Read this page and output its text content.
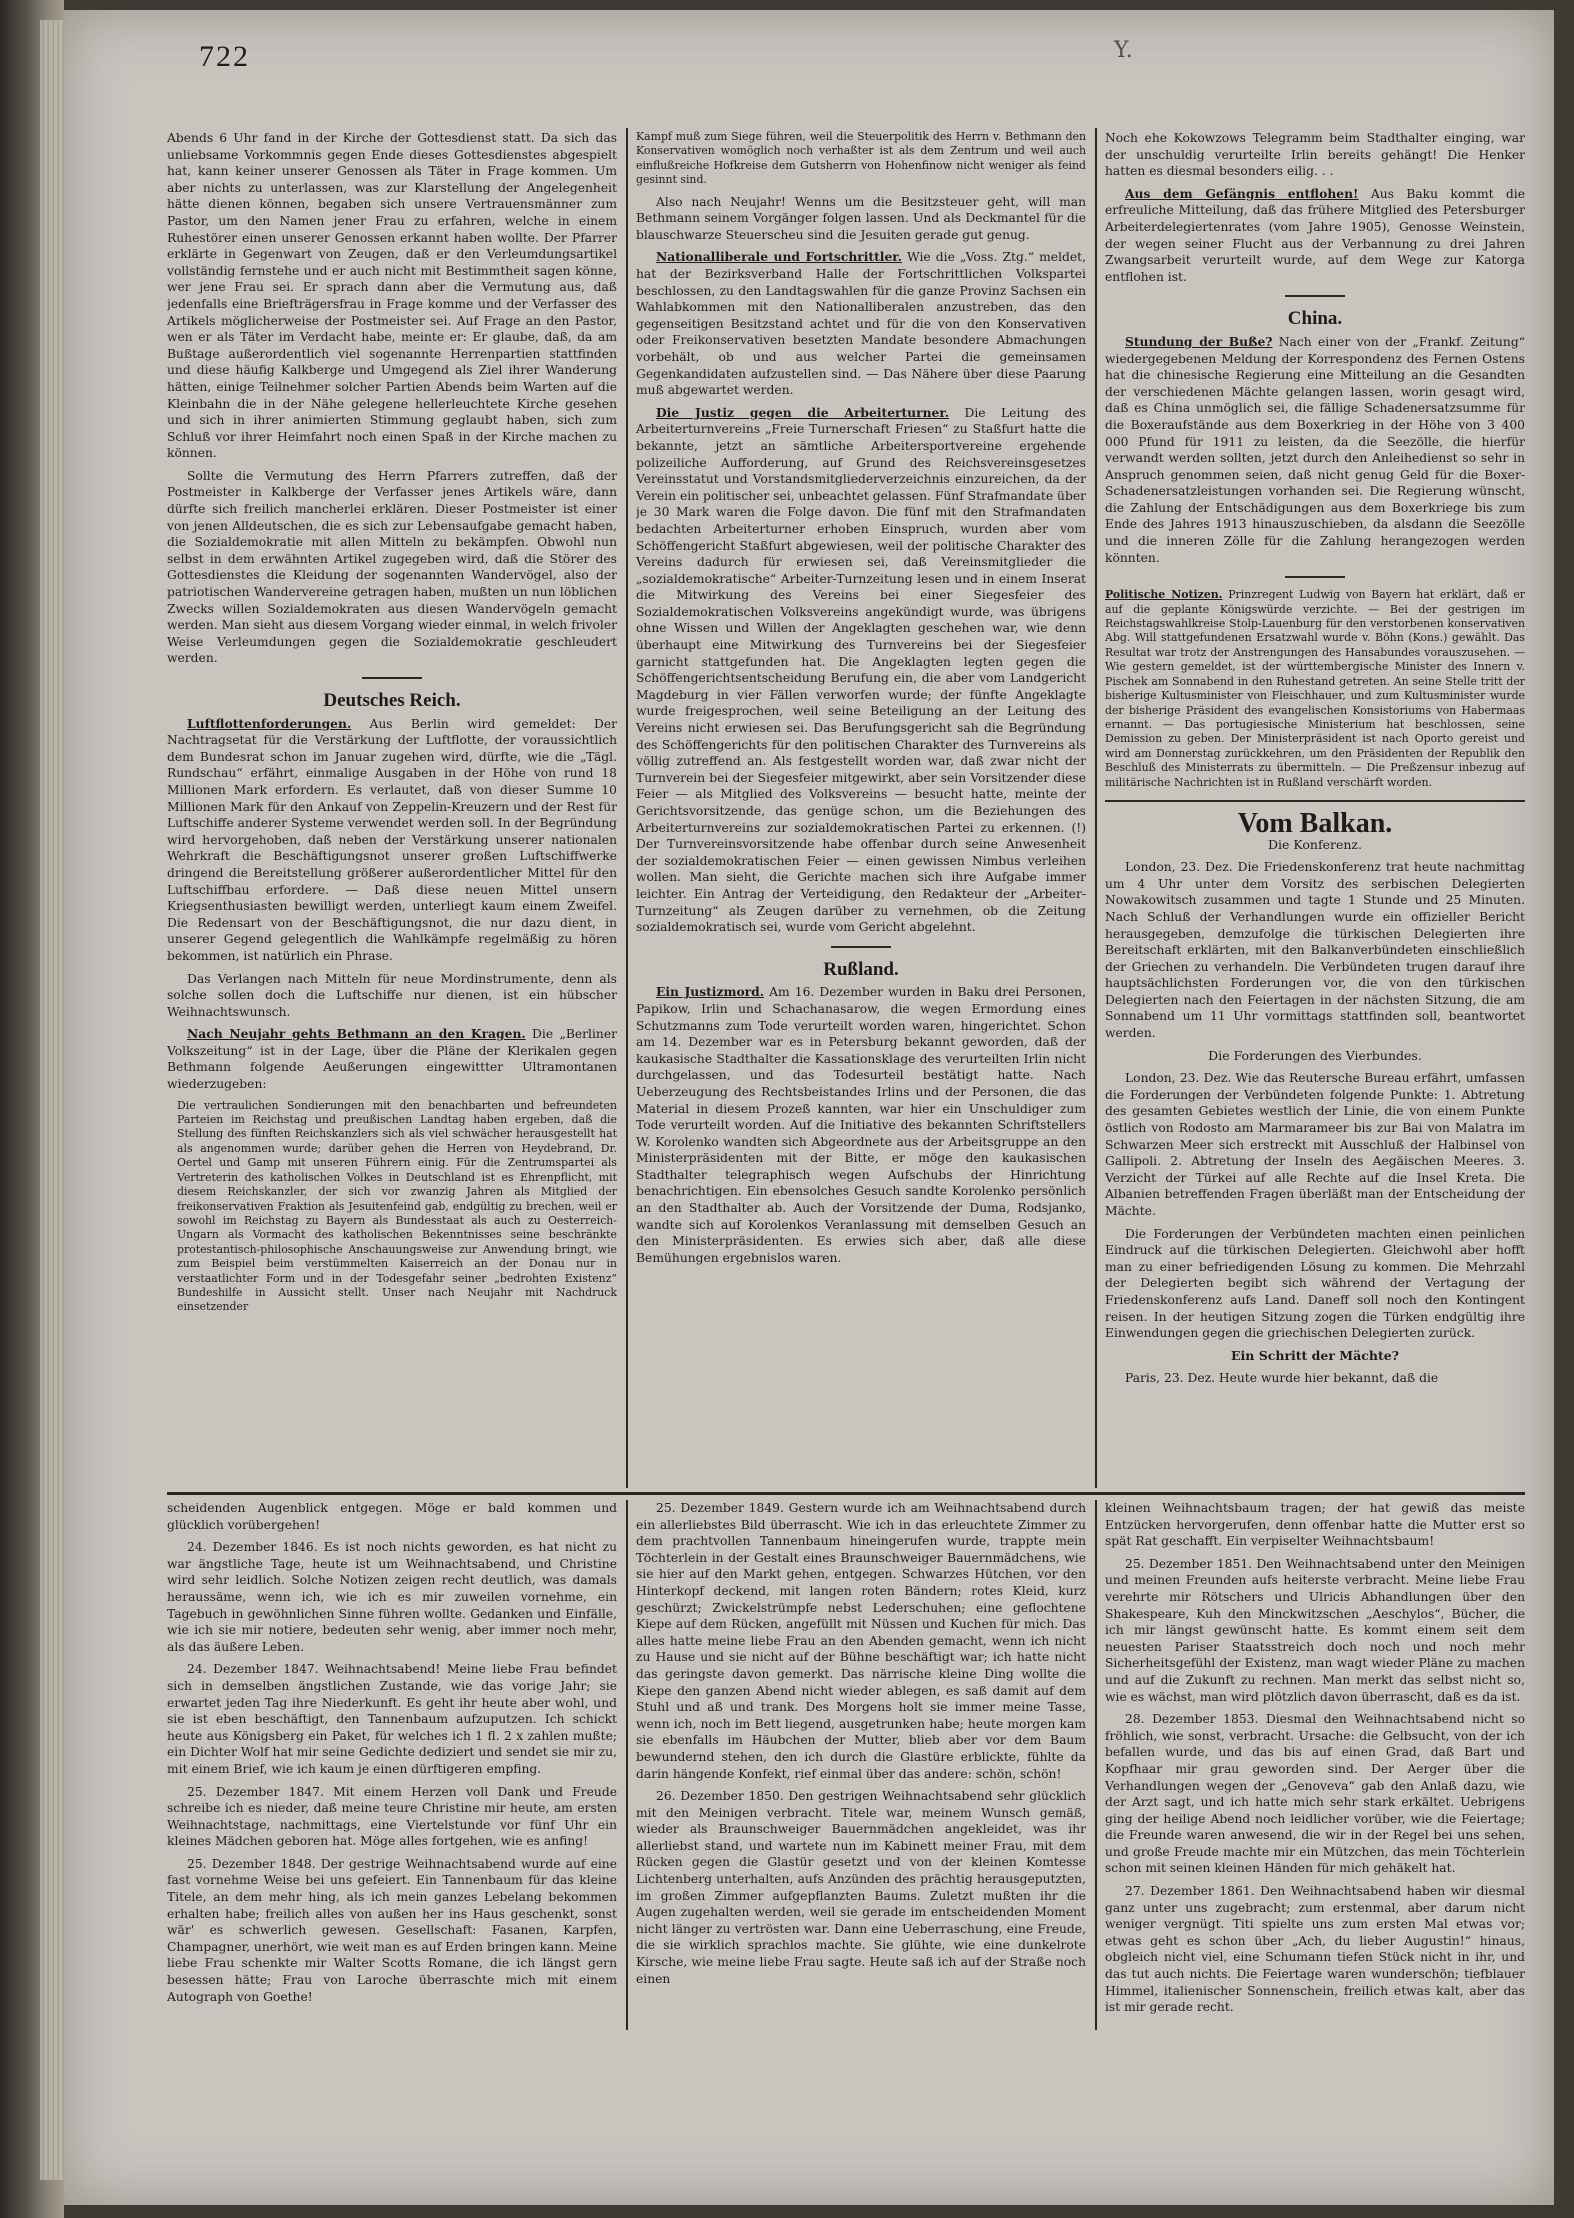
722	Y.

Abends 6 Uhr fand in der Kirche der Gottesdienst statt. Da sich das unliebsame Vorkommnis gegen Ende dieses Gottesdienstes abgespielt hat, kann keiner unserer Genossen als Täter in Frage kommen. Um aber nichts zu unterlassen, was zur Klarstellung der Angelegenheit hätte dienen können, begaben sich unsere Vertrauensmänner zum Pastor, um den Namen jener Frau zu erfahren, welche in einem Ruhestörer einen unserer Genossen erkannt haben wollte. Der Pfarrer erklärte in Gegenwart von Zeugen, daß er den Verleumdungsartikel vollständig fernstehe und er auch nicht mit Bestimmtheit sagen könne, wer jene Frau sei. Er sprach dann aber die Vermutung aus, daß jedenfalls eine Briefträgersfrau in Frage komme und der Verfasser des Artikels möglicherweise der Postmeister sei. Auf Frage an den Pastor, wen er als Täter im Verdacht habe, meinte er: Er glaube, daß, da am Bußtage außerordentlich viel sogenannte Herrenpartien stattfinden und diese häufig Kalkberge und Umgegend als Ziel ihrer Wanderung hätten, einige Teilnehmer solcher Partien Abends beim Warten auf die Kleinbahn die in der Nähe gelegene hellerleuchtete Kirche gesehen und sich in ihrer animierten Stimmung geglaubt haben, sich zum Schluß vor ihrer Heimfahrt noch einen Spaß in der Kirche machen zu können.

Sollte die Vermutung des Herrn Pfarrers zutreffen, daß der Postmeister in Kalkberge der Verfasser jenes Artikels wäre, dann dürfte sich freilich mancherlei erklären. Dieser Postmeister ist einer von jenen Alldeutschen, die es sich zur Lebensaufgabe gemacht haben, die Sozialdemokratie mit allen Mitteln zu bekämpfen. Obwohl nun selbst in dem erwähnten Artikel zugegeben wird, daß die Störer des Gottesdienstes die Kleidung der sogenannten Wandervögel, also der patriotischen Wandervereine getragen haben, mußten un nun löblichen Zwecks willen Sozialdemokraten aus diesen Wandervögeln gemacht werden. Man sieht aus diesem Vorgang wieder einmal, in welch frivoler Weise Verleumdungen gegen die Sozialdemokratie geschleudert werden.

Deutsches Reich.

Luftflottenforderungen. Aus Berlin wird gemeldet: Der Nachtragsetat für die Verstärkung der Luftflotte, der voraussichtlich dem Bundesrat schon im Januar zugehen wird, dürfte, wie die „Tägl. Rundschau“ erfährt, einmalige Ausgaben in der Höhe von rund 18 Millionen Mark erfordern. Es verlautet, daß von dieser Summe 10 Millionen Mark für den Ankauf von Zeppelin-Kreuzern und der Rest für Luftschiffe anderer Systeme verwendet werden soll. In der Begründung wird hervorgehoben, daß neben der Verstärkung unserer nationalen Wehrkraft die Beschäftigungsnot unserer großen Luftschiffwerke dringend die Bereitstellung größerer außerordentlicher Mittel für den Luftschiffbau erfordere. — Daß diese neuen Mittel unsern Kriegsenthusiasten bewilligt werden, unterliegt kaum einem Zweifel. Die Redensart von der Beschäftigungsnot, die nur dazu dient, in unserer Gegend gelegentlich die Wahlkämpfe regelmäßig zu hören bekommen, ist natürlich ein Phrase.

Das Verlangen nach Mitteln für neue Mordinstrumente, denn als solche sollen doch die Luftschiffe nur dienen, ist ein hübscher Weihnachtswunsch.

Nach Neujahr gehts Bethmann an den Kragen. Die „Berliner Volkszeitung“ ist in der Lage, über die Pläne der Klerikalen gegen Bethmann folgende Aeußerungen eingewittter Ultramontanen wiederzugeben:

Die vertraulichen Sondierungen mit den benachbarten und befreundeten Parteien im Reichstag und preußischen Landtag haben ergeben, daß die Stellung des fünften Reichskanzlers sich als viel schwächer herausgestellt hat als angenommen wurde; darüber gehen die Herren von Heydebrand, Dr. Oertel und Gamp mit unseren Führern einig. Für die Zentrumspartei als Vertreterin des katholischen Volkes in Deutschland ist es Ehrenpflicht, mit diesem Reichskanzler, der sich vor zwanzig Jahren als Mitglied der freikonservativen Fraktion als Jesuitenfeind gab, endgültig zu brechen, weil er sowohl im Reichstag zu Bayern als Bundesstaat als auch zu Oesterreich-Ungarn als Vormacht des katholischen Bekenntnisses seine beschränkte protestantisch-philosophische Anschauungsweise zur Anwendung bringt, wie zum Beispiel beim verstümmelten Kaiserreich an der Donau nur in verstaatlichter Form und in der Todesgefahr seiner „bedrohten Existenz“ Bundeshilfe in Aussicht stellt. Unser nach Neujahr mit Nachdruck einsetzender

Kampf muß zum Siege führen, weil die Steuerpolitik des Herrn v. Bethmann den Konservativen womöglich noch verhaßter ist als dem Zentrum und weil auch einflußreiche Hofkreise dem Gutsherrn von Hohenfinow nicht weniger als feind gesinnt sind.

Also nach Neujahr! Wenns um die Besitzsteuer geht, will man Bethmann seinem Vorgänger folgen lassen. Und als Deckmantel für die blauschwarze Steuerscheu sind die Jesuiten gerade gut genug.

Nationalliberale und Fortschrittler. Wie die „Voss. Ztg.“ meldet, hat der Bezirksverband Halle der Fortschrittlichen Volkspartei beschlossen, zu den Landtagswahlen für die ganze Provinz Sachsen ein Wahlabkommen mit den Nationalliberalen anzustreben, das den gegenseitigen Besitzstand achtet und für die von den Konservativen oder Freikonservativen besetzten Mandate besondere Abmachungen vorbehält, ob und aus welcher Partei die gemeinsamen Gegenkandidaten aufzustellen sind. — Das Nähere über diese Paarung muß abgewartet werden.

Die Justiz gegen die Arbeiterturner. Die Leitung des Arbeiterturnvereins „Freie Turnerschaft Friesen“ zu Staßfurt hatte die bekannte, jetzt an sämtliche Arbeitersportvereine ergehende polizeiliche Aufforderung, auf Grund des Reichsvereinsgesetzes Vereinsstatut und Vorstandsmitgliederverzeichnis einzureichen, da der Verein ein politischer sei, unbeachtet gelassen. Fünf Strafmandate über je 30 Mark waren die Folge davon. Die fünf mit den Strafmandaten bedachten Arbeiterturner erhoben Einspruch, wurden aber vom Schöffengericht Staßfurt abgewiesen, weil der politische Charakter des Vereins dadurch für erwiesen sei, daß Vereinsmitglieder die „sozialdemokratische“ Arbeiter-Turnzeitung lesen und in einem Inserat die Mitwirkung des Vereins bei einer Siegesfeier des Sozialdemokratischen Volksvereins angekündigt wurde, was übrigens ohne Wissen und Willen der Angeklagten geschehen war, wie denn überhaupt eine Mitwirkung des Turnvereins bei der Siegesfeier garnicht stattgefunden hat. Die Angeklagten legten gegen die Schöffengerichtsentscheidung Berufung ein, die aber vom Landgericht Magdeburg in vier Fällen verworfen wurde; der fünfte Angeklagte wurde freigesprochen, weil seine Beteiligung an der Leitung des Vereins nicht erwiesen sei. Das Berufungsgericht sah die Begründung des Schöffengerichts für den politischen Charakter des Turnvereins als völlig zutreffend an. Als festgestellt worden war, daß zwar nicht der Turnverein bei der Siegesfeier mitgewirkt, aber sein Vorsitzender diese Feier — als Mitglied des Volksvereins — besucht hatte, meinte der Gerichtsvorsitzende, das genüge schon, um die Beziehungen des Arbeiterturnvereins zur sozialdemokratischen Partei zu erkennen. (!) Der Turnvereinsvorsitzende habe offenbar durch seine Anwesenheit der sozialdemokratischen Feier — einen gewissen Nimbus verleihen wollen. Man sieht, die Gerichte machen sich ihre Aufgabe immer leichter. Ein Antrag der Verteidigung, den Redakteur der „Arbeiter-Turnzeitung“ als Zeugen darüber zu vernehmen, ob die Zeitung sozialdemokratisch sei, wurde vom Gericht abgelehnt.

Rußland.

Ein Justizmord. Am 16. Dezember wurden in Baku drei Personen, Papikow, Irlin und Schachanasarow, die wegen Ermordung eines Schutzmanns zum Tode verurteilt worden waren, hingerichtet. Schon am 14. Dezember war es in Petersburg bekannt geworden, daß der kaukasische Stadthalter die Kassationsklage des verurteilten Irlin nicht durchgelassen, und das Todesurteil bestätigt hatte. Nach Ueberzeugung des Rechtsbeistandes Irlins und der Personen, die das Material in diesem Prozeß kannten, war hier ein Unschuldiger zum Tode verurteilt worden. Auf die Initiative des bekannten Schriftstellers W. Korolenko wandten sich Abgeordnete aus der Arbeitsgruppe an den Ministerpräsidenten mit der Bitte, er möge den kaukasischen Stadthalter telegraphisch wegen Aufschubs der Hinrichtung benachrichtigen. Ein ebensolches Gesuch sandte Korolenko persönlich an den Stadthalter ab. Auch der Vorsitzende der Duma, Rodsjanko, wandte sich auf Korolenkos Veranlassung mit demselben Gesuch an den Ministerpräsidenten. Es erwies sich aber, daß alle diese Bemühungen ergebnislos waren.

Noch ehe Kokowzows Telegramm beim Stadthalter einging, war der unschuldig verurteilte Irlin bereits gehängt! Die Henker hatten es diesmal besonders eilig. . .

Aus dem Gefängnis entflohen! Aus Baku kommt die erfreuliche Mitteilung, daß das frühere Mitglied des Petersburger Arbeiterdelegiertenrates (vom Jahre 1905), Genosse Weinstein, der wegen seiner Flucht aus der Verbannung zu drei Jahren Zwangsarbeit verurteilt wurde, auf dem Wege zur Katorga entflohen ist.

China.

Stundung der Buße? Nach einer von der „Frankf. Zeitung“ wiedergegebenen Meldung der Korrespondenz des Fernen Ostens hat die chinesische Regierung eine Mitteilung an die Gesandten der verschiedenen Mächte gelangen lassen, worin gesagt wird, daß es China unmöglich sei, die fällige Schadenersatzsumme für die Boxeraufstände aus dem Boxerkrieg in der Höhe von 3 400 000 Pfund für 1911 zu leisten, da die Seezölle, die hierfür verwandt werden sollten, jetzt durch den Anleihedienst so sehr in Anspruch genommen seien, daß nicht genug Geld für die Boxer-Schadenersatzleistungen vorhanden sei. Die Regierung wünscht, die Zahlung der Entschädigungen aus dem Boxerkriege bis zum Ende des Jahres 1913 hinauszuschieben, da alsdann die Seezölle und die inneren Zölle für die Zahlung herangezogen werden könnten.

Politische Notizen. Prinzregent Ludwig von Bayern hat erklärt, daß er auf die geplante Königswürde verzichte. — Bei der gestrigen im Reichstagswahlkreise Stolp-Lauenburg für den verstorbenen konservativen Abg. Will stattgefundenen Ersatzwahl wurde v. Böhn (Kons.) gewählt. Das Resultat war trotz der Anstrengungen des Hansabundes vorauszusehen. — Wie gestern gemeldet, ist der württembergische Minister des Innern v. Pischek am Sonnabend in den Ruhestand getreten. An seine Stelle tritt der bisherige Kultusminister von Fleischhauer, und zum Kultusminister wurde der bisherige Präsident des evangelischen Konsistoriums von Habermaas ernannt. — Das portugiesische Ministerium hat beschlossen, seine Demission zu geben. Der Ministerpräsident ist nach Oporto gereist und wird am Donnerstag zurückkehren, um den Präsidenten der Republik den Beschluß des Ministerrats zu übermitteln. — Die Preßzensur inbezug auf militärische Nachrichten ist in Rußland verschärft worden.

Vom Balkan.
Die Konferenz.

London, 23. Dez. Die Friedenskonferenz trat heute nachmittag um 4 Uhr unter dem Vorsitz des serbischen Delegierten Nowakowitsch zusammen und tagte 1 Stunde und 25 Minuten. Nach Schluß der Verhandlungen wurde ein offizieller Bericht herausgegeben, demzufolge die türkischen Delegierten ihre Bereitschaft erklärten, mit den Balkanverbündeten einschließlich der Griechen zu verhandeln. Die Verbündeten trugen darauf ihre hauptsächlichsten Forderungen vor, die von den türkischen Delegierten nach den Feiertagen in der nächsten Sitzung, die am Sonnabend um 11 Uhr vormittags stattfinden soll, beantwortet werden.

Die Forderungen des Vierbundes.

London, 23. Dez. Wie das Reutersche Bureau erfährt, umfassen die Forderungen der Verbündeten folgende Punkte: 1. Abtretung des gesamten Gebietes westlich der Linie, die von einem Punkte östlich von Rodosto am Marmarameer bis zur Bai von Malatra im Schwarzen Meer sich erstreckt mit Ausschluß der Halbinsel von Gallipoli. 2. Abtretung der Inseln des Aegäischen Meeres. 3. Verzicht der Türkei auf alle Rechte auf die Insel Kreta. Die Albanien betreffenden Fragen überläßt man der Entscheidung der Mächte.

Die Forderungen der Verbündeten machten einen peinlichen Eindruck auf die türkischen Delegierten. Gleichwohl aber hofft man zu einer befriedigenden Lösung zu kommen. Die Mehrzahl der Delegierten begibt sich während der Vertagung der Friedenskonferenz aufs Land. Daneff soll noch den Kontingent reisen. In der heutigen Sitzung zogen die Türken endgültig ihre Einwendungen gegen die griechischen Delegierten zurück.

Ein Schritt der Mächte?

Paris, 23. Dez. Heute wurde hier bekannt, daß die

scheidenden Augenblick entgegen. Möge er bald kommen und glücklich vorübergehen!

24. Dezember 1846. Es ist noch nichts geworden, es hat nicht zu war ängstliche Tage, heute ist um Weihnachtsabend, und Christine wird sehr leidlich. Solche Notizen zeigen recht deutlich, was damals heraussäme, wenn ich, wie ich es mir zuweilen vornehme, ein Tagebuch in gewöhnlichen Sinne führen wollte. Gedanken und Einfälle, wie ich sie mir notiere, bedeuten sehr wenig, aber immer noch mehr, als das äußere Leben.

24. Dezember 1847. Weihnachtsabend! Meine liebe Frau befindet sich in demselben ängstlichen Zustande, wie das vorige Jahr; sie erwartet jeden Tag ihre Niederkunft. Es geht ihr heute aber wohl, und sie ist eben beschäftigt, den Tannenbaum aufzuputzen. Ich schickt heute aus Königsberg ein Paket, für welches ich 1 fl. 2 x zahlen mußte; ein Dichter Wolf hat mir seine Gedichte dediziert und sendet sie mir zu, mit einem Brief, wie ich kaum je einen dürftigeren empfing.

25. Dezember 1847. Mit einem Herzen voll Dank und Freude schreibe ich es nieder, daß meine teure Christine mir heute, am ersten Weihnachtstage, nachmittags, eine Viertelstunde vor fünf Uhr ein kleines Mädchen geboren hat. Möge alles fortgehen, wie es anfing!

25. Dezember 1848. Der gestrige Weihnachtsabend wurde auf eine fast vornehme Weise bei uns gefeiert. Ein Tannenbaum für das kleine Titele, an dem mehr hing, als ich mein ganzes Lebelang bekommen erhalten habe; freilich alles von außen her ins Haus geschenkt, sonst wär' es schwerlich gewesen. Gesellschaft: Fasanen, Karpfen, Champagner, unerhört, wie weit man es auf Erden bringen kann. Meine liebe Frau schenkte mir Walter Scotts Romane, die ich längst gern besessen hätte; Frau von Laroche überraschte mich mit einem Autograph von Goethe!

25. Dezember 1849. Gestern wurde ich am Weihnachtsabend durch ein allerliebstes Bild überrascht. Wie ich in das erleuchtete Zimmer zu dem prachtvollen Tannenbaum hineingerufen wurde, trappte mein Töchterlein in der Gestalt eines Braunschweiger Bauernmädchens, wie sie hier auf den Markt gehen, entgegen. Schwarzes Hütchen, vor den Hinterkopf deckend, mit langen roten Bändern; rotes Kleid, kurz geschürzt; Zwickelstrümpfe nebst Lederschuhen; eine geflochtene Kiepe auf dem Rücken, angefüllt mit Nüssen und Kuchen für mich. Das alles hatte meine liebe Frau an den Abenden gemacht, wenn ich nicht zu Hause und sie nicht auf der Bühne beschäftigt war; ich hatte nicht das geringste davon gemerkt. Das närrische kleine Ding wollte die Kiepe den ganzen Abend nicht wieder ablegen, es saß damit auf dem Stuhl und aß und trank. Des Morgens holt sie immer meine Tasse, wenn ich, noch im Bett liegend, ausgetrunken habe; heute morgen kam sie ebenfalls im Häubchen der Mutter, blieb aber vor dem Baum bewundernd stehen, den ich durch die Glastüre erblickte, fühlte da darin hängende Konfekt, rief einmal über das andere: schön, schön!

26. Dezember 1850. Den gestrigen Weihnachtsabend sehr glücklich mit den Meinigen verbracht. Titele war, meinem Wunsch gemäß, wieder als Braunschweiger Bauernmädchen angekleidet, was ihr allerliebst stand, und wartete nun im Kabinett meiner Frau, mit dem Rücken gegen die Glastür gesetzt und von der kleinen Komtesse Lichtenberg unterhalten, aufs Anzünden des prächtig herausgeputzten, im großen Zimmer aufgepflanzten Baums. Zuletzt mußten ihr die Augen zugehalten werden, weil sie gerade im entscheidenden Moment nicht länger zu vertrösten war. Dann eine Ueberraschung, eine Freude, die sie wirklich sprachlos machte. Sie glühte, wie eine dunkelrote Kirsche, wie meine liebe Frau sagte. Heute saß ich auf der Straße noch einen

kleinen Weihnachtsbaum tragen; der hat gewiß das meiste Entzücken hervorgerufen, denn offenbar hatte die Mutter erst so spät Rat geschafft. Ein verpiselter Weihnachtsbaum!

25. Dezember 1851. Den Weihnachtsabend unter den Meinigen und meinen Freunden aufs heiterste verbracht. Meine liebe Frau verehrte mir Rötschers und Ulricis Abhandlungen über den Shakespeare, Kuh den Minckwitzschen „Aeschylos“, Bücher, die ich mir längst gewünscht hatte. Es kommt einem seit dem neuesten Pariser Staatsstreich doch noch und noch mehr Sicherheitsgefühl der Existenz, man wagt wieder Pläne zu machen und auf die Zukunft zu rechnen. Man merkt das selbst nicht so, wie es wächst, man wird plötzlich davon überrascht, daß es da ist.

28. Dezember 1853. Diesmal den Weihnachtsabend nicht so fröhlich, wie sonst, verbracht. Ursache: die Gelbsucht, von der ich befallen wurde, und das bis auf einen Grad, daß Bart und Kopfhaar mir grau geworden sind. Der Aerger über die Verhandlungen wegen der „Genoveva“ gab den Anlaß dazu, wie der Arzt sagt, und ich hatte mich sehr stark erkältet. Uebrigens ging der heilige Abend noch leidlicher vorüber, wie die Feiertage; die Freunde waren anwesend, die wir in der Regel bei uns sehen, und große Freude machte mir ein Mützchen, das mein Töchterlein schon mit seinen kleinen Händen für mich gehäkelt hat.

27. Dezember 1861. Den Weihnachtsabend haben wir diesmal ganz unter uns zugebracht; zum erstenmal, aber darum nicht weniger vergnügt. Titi spielte uns zum ersten Mal etwas vor; etwas geht es schon über „Ach, du lieber Augustin!“ hinaus, obgleich nicht viel, eine Schumann tiefen Stück nicht in ihr, und das tut auch nichts. Die Feiertage waren wunderschön; tiefblauer Himmel, italienischer Sonnenschein, freilich etwas kalt, aber das ist mir gerade recht.
